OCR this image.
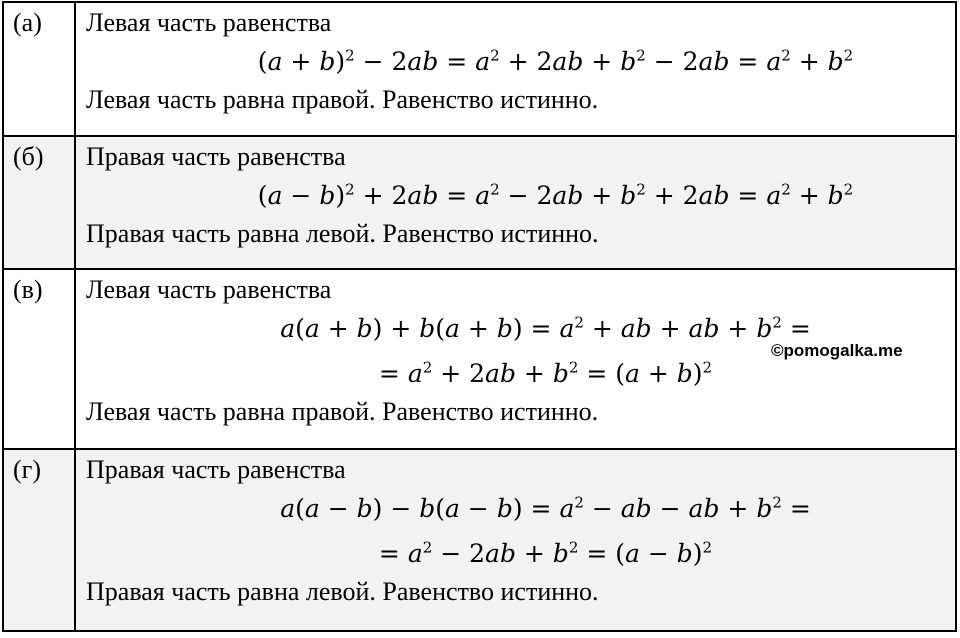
(а)	Левая часть равенства
$(a + b)^2 - 2ab = a^2 + 2ab + b^2 - 2ab = a^2 + b^2$
Левая часть равна правой. Равенство истинно.

(б)	Правая часть равенства
$(a - b)^2 + 2ab = a^2 - 2ab + b^2 + 2ab = a^2 + b^2$
Правая часть равна левой. Равенство истинно.

(в)	Левая часть равенства
$a(a + b) + b(a + b) = a^2$ + ab + ab + $b^2$ =
= $a^2 + 2ab + b^2 = (a + b)^2$
Левая часть равна правой. Равенство истинно.

(г)	Правая часть равенства
$a(a - b) - b(a - b) = a^2$ − ab − ab + $b^2$ =
= $a^2 - 2ab + b^2 = (a - b)^2$
Правая часть равна левой. Равенство истинно.
©pomogalka.me
